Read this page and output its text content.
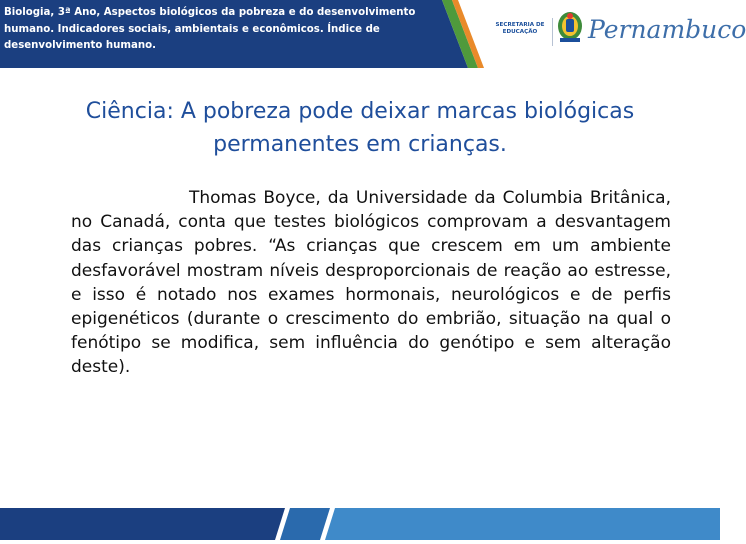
Biologia, 3ª Ano, Aspectos biológicos da pobreza e do desenvolvimento humano. Indicadores sociais, ambientais e econômicos. Índice de desenvolvimento humano.
SECRETARIA DE EDUCAÇÃO	Pernambuco
Ciência: A pobreza pode deixar marcas biológicas permanentes em crianças.

Thomas Boyce, da Universidade da Columbia Britânica, no Canadá, conta que testes biológicos comprovam a desvantagem das crianças pobres. “As crianças que crescem em um ambiente desfavorável mostram níveis desproporcionais de reação ao estresse, e isso é notado nos exames hormonais, neurológicos e de perfis epigenéticos (durante o crescimento do embrião, situação na qual o fenótipo se modifica, sem influência do genótipo e sem alteração deste).
